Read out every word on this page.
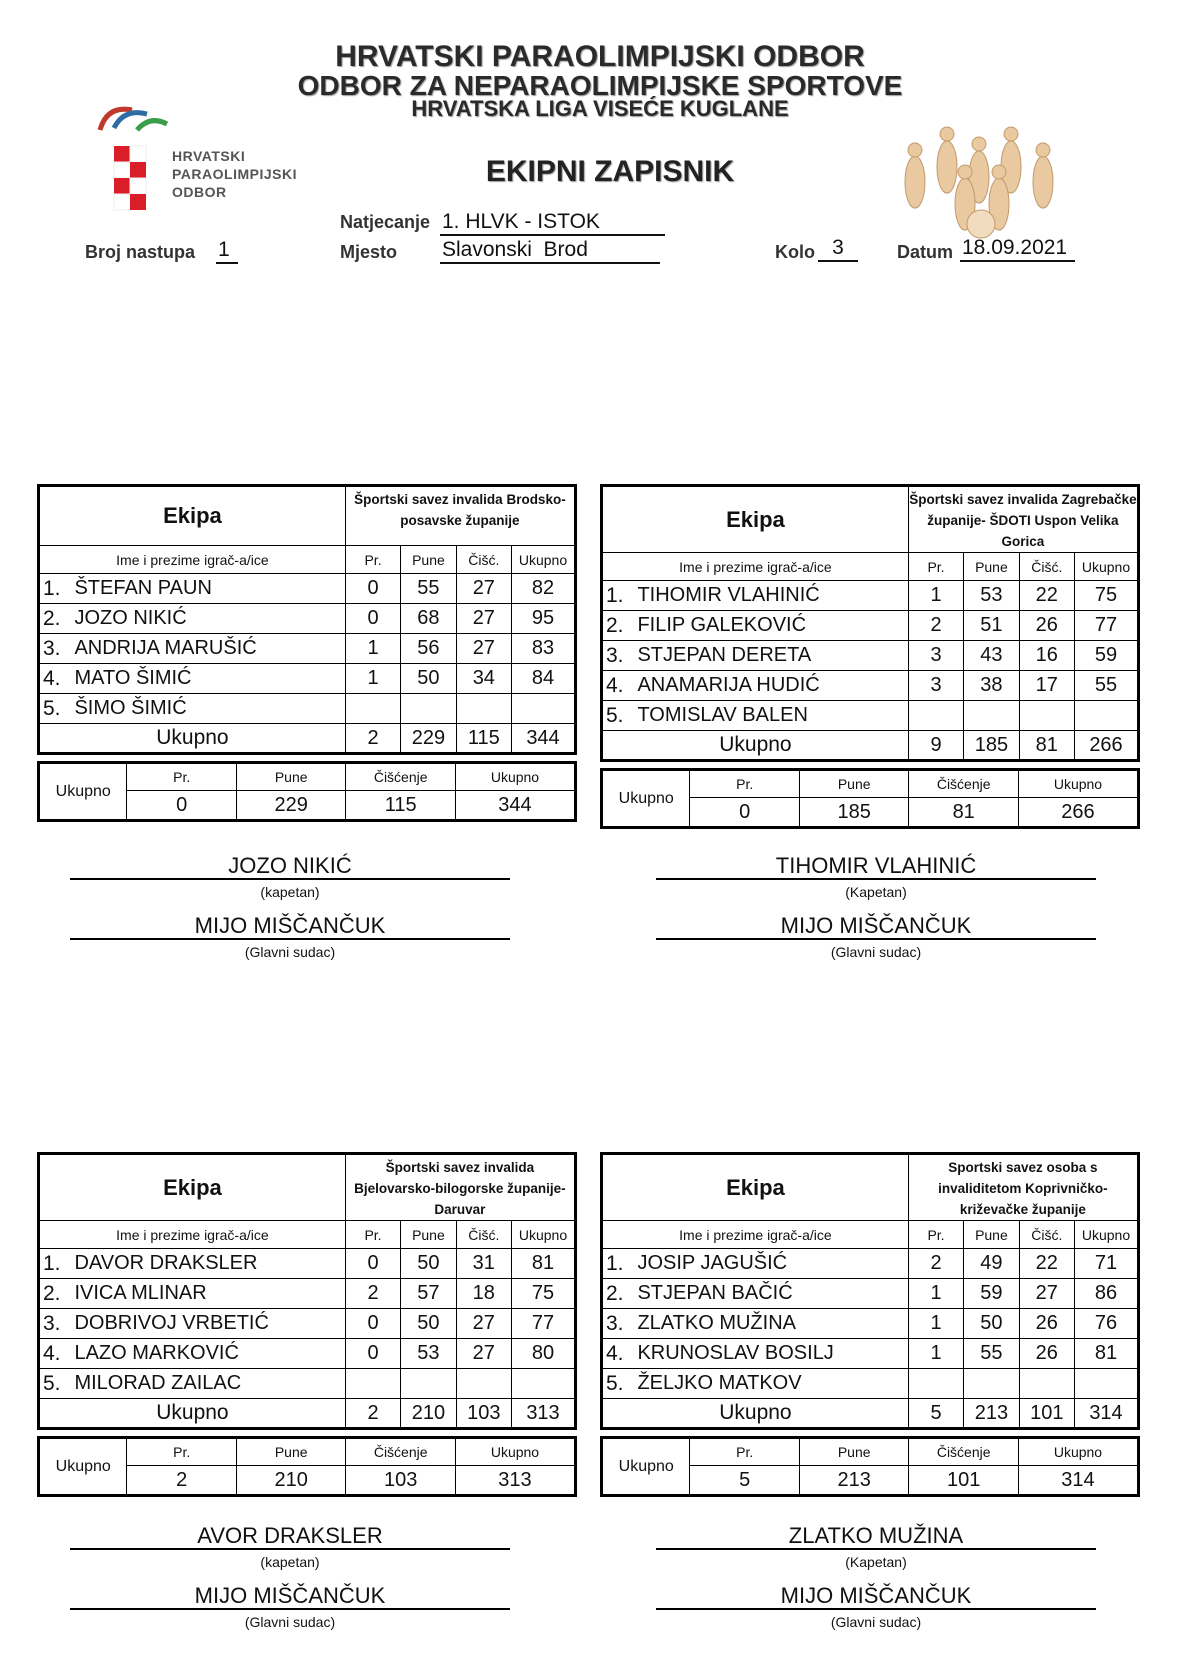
HRVATSKI PARAOLIMPIJSKI ODBOR
ODBOR ZA NEPARAOLIMPIJSKE SPORTOVE
HRVATSKA LIGA VISEĆE KUGLANE
HRVATSKI
PARAOLIMPIJSKI
ODBOR
EKIPNI ZAPISNIK
Natjecanje 1. HLVK - ISTOK
Broj nastupa 1	Mjesto Slavonski  Brod	Kolo 3	Datum 18.09.2021
Ekipa		Športski savez invalida Brodsko-posavske županije			
Ime i prezime igrač-a/ice		Pr.	Pune	Čišć.	Ukupno
1.	ŠTEFAN PAUN	0	55	27	82
2.	JOZO NIKIĆ	0	68	27	95
3.	ANDRIJA MARUŠIĆ	1	56	27	83
4.	MATO ŠIMIĆ	1	50	34	84
5.	ŠIMO ŠIMIĆ				
Ukupno		2	229	115	344
Ukupno	Pr.	Pune	Čišćenje	Ukupno
	0	229	115	344
Ekipa		Športski savez invalida Zagrebačke županije- ŠDOTI Uspon Velika Gorica			
Ime i prezime igrač-a/ice		Pr.	Pune	Čišć.	Ukupno
1.	TIHOMIR VLAHINIĆ	1	53	22	75
2.	FILIP GALEKOVIĆ	2	51	26	77
3.	STJEPAN DERETA	3	43	16	59
4.	ANAMARIJA HUDIĆ	3	38	17	55
5.	TOMISLAV BALEN				
Ukupno		9	185	81	266
Ukupno	Pr.	Pune	Čišćenje	Ukupno
	0	185	81	266
Ekipa		Športski savez invalida Bjelovarsko-bilogorske županije- Daruvar			
Ime i prezime igrač-a/ice		Pr.	Pune	Čišć.	Ukupno
1.	DAVOR DRAKSLER	0	50	31	81
2.	IVICA MLINAR	2	57	18	75
3.	DOBRIVOJ VRBETIĆ	0	50	27	77
4.	LAZO MARKOVIĆ	0	53	27	80
5.	MILORAD ZAILAC				
Ukupno		2	210	103	313
Ukupno	Pr.	Pune	Čišćenje	Ukupno
	2	210	103	313
Ekipa		Sportski savez osoba s invaliditetom Koprivničko-križevačke županije			
Ime i prezime igrač-a/ice		Pr.	Pune	Čišć.	Ukupno
1.	JOSIP JAGUŠIĆ	2	49	22	71
2.	STJEPAN BAČIĆ	1	59	27	86
3.	ZLATKO MUŽINA	1	50	26	76
4.	KRUNOSLAV BOSILJ	1	55	26	81
5.	ŽELJKO MATKOV				
Ukupno		5	213	101	314
Ukupno	Pr.	Pune	Čišćenje	Ukupno
	5	213	101	314
JOZO NIKIĆ
(kapetan)
MIJO MIŠČANČUK
(Glavni sudac)
TIHOMIR VLAHINIĆ
(Kapetan)
MIJO MIŠČANČUK
(Glavni sudac)
AVOR DRAKSLER
(kapetan)
MIJO MIŠČANČUK
(Glavni sudac)
ZLATKO MUŽINA
(Kapetan)
MIJO MIŠČANČUK
(Glavni sudac)
